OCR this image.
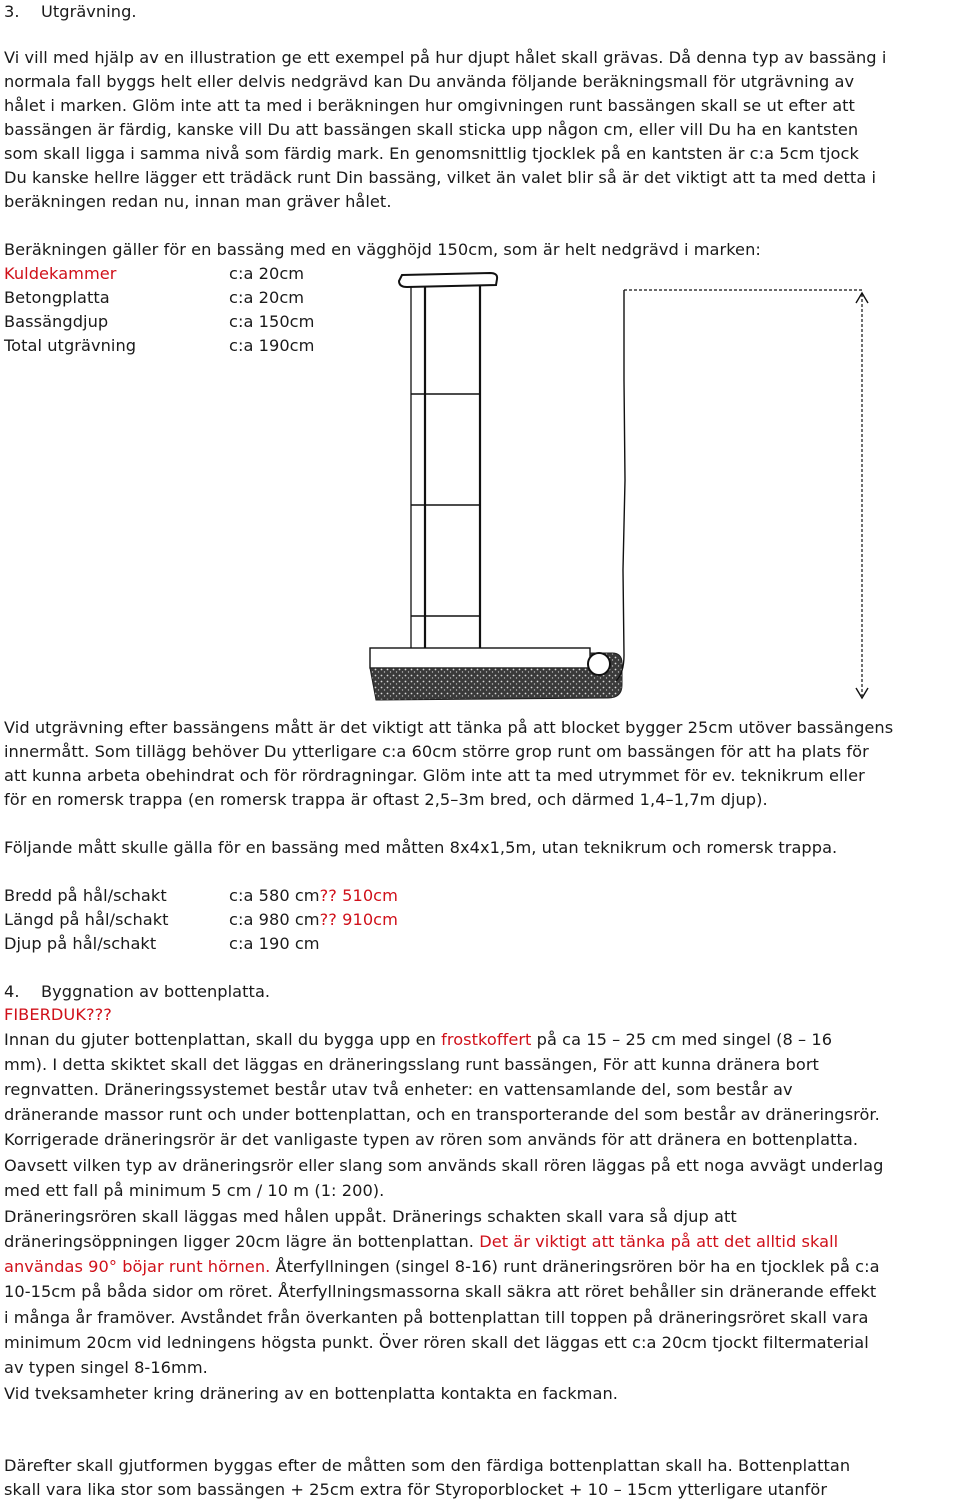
3. Utgrävning.
Vi vill med hjälp av en illustration ge ett exempel på hur djupt hålet skall grävas. Då denna typ av bassäng i
normala fall byggs helt eller delvis nedgrävd kan Du använda följande beräkningsmall för utgrävning av
hålet i marken. Glöm inte att ta med i beräkningen hur omgivningen runt bassängen skall se ut efter att
bassängen är färdig, kanske vill Du att bassängen skall sticka upp någon cm, eller vill Du ha en kantsten
som skall ligga i samma nivå som färdig mark. En genomsnittlig tjocklek på en kantsten är c:a 5cm tjock
Du kanske hellre lägger ett trädäck runt Din bassäng, vilket än valet blir så är det viktigt att ta med detta i
beräkningen redan nu, innan man gräver hålet.
Beräkningen gäller för en bassäng med en vägghöjd 150cm, som är helt nedgrävd i marken:
Kuldekammer	c:a 20cm
Betongplatta	c:a 20cm
Bassängdjup	c:a 150cm
Total utgrävning	c:a 190cm
Vid utgrävning efter bassängens mått är det viktigt att tänka på att blocket bygger 25cm utöver bassängens
innermått. Som tillägg behöver Du ytterligare c:a 60cm större grop runt om bassängen för att ha plats för
att kunna arbeta obehindrat och för rördragningar. Glöm inte att ta med utrymmet för ev. teknikrum eller
för en romersk trappa (en romersk trappa är oftast 2,5–3m bred, och därmed 1,4–1,7m djup).
Följande mått skulle gälla för en bassäng med måtten 8x4x1,5m, utan teknikrum och romersk trappa.
Bredd på hål/schakt	c:a 580 cm?? 510cm
Längd på hål/schakt	c:a 980 cm?? 910cm
Djup på hål/schakt	c:a 190 cm
4. Byggnation av bottenplatta.
FIBERDUK???
Innan du gjuter bottenplattan, skall du bygga upp en frostkoffert på ca 15 – 25 cm med singel (8 – 16
mm). I detta skiktet skall det läggas en dräneringsslang runt bassängen, För att kunna dränera bort
regnvatten. Dräneringssystemet består utav två enheter: en vattensamlande del, som består av
dränerande massor runt och under bottenplattan, och en transporterande del som består av dräneringsrör.
Korrigerade dräneringsrör är det vanligaste typen av rören som används för att dränera en bottenplatta.
Oavsett vilken typ av dräneringsrör eller slang som används skall rören läggas på ett noga avvägt underlag
med ett fall på minimum 5 cm / 10 m (1: 200).
Dräneringsrören skall läggas med hålen uppåt. Dränerings schakten skall vara så djup att
dräneringsöppningen ligger 20cm lägre än bottenplattan. Det är viktigt att tänka på att det alltid skall
användas 90° böjar runt hörnen. Återfyllningen (singel 8-16) runt dräneringsrören bör ha en tjocklek på c:a
10-15cm på båda sidor om röret. Återfyllningsmassorna skall säkra att röret behåller sin dränerande effekt
i många år framöver. Avståndet från överkanten på bottenplattan till toppen på dräneringsröret skall vara
minimum 20cm vid ledningens högsta punkt. Över rören skall det läggas ett c:a 20cm tjockt filtermaterial
av typen singel 8-16mm.
Vid tveksamheter kring dränering av en bottenplatta kontakta en fackman.
Därefter skall gjutformen byggas efter de måtten som den färdiga bottenplattan skall ha. Bottenplattan
skall vara lika stor som bassängen + 25cm extra för Styroporblocket + 10 – 15cm ytterligare utanför
